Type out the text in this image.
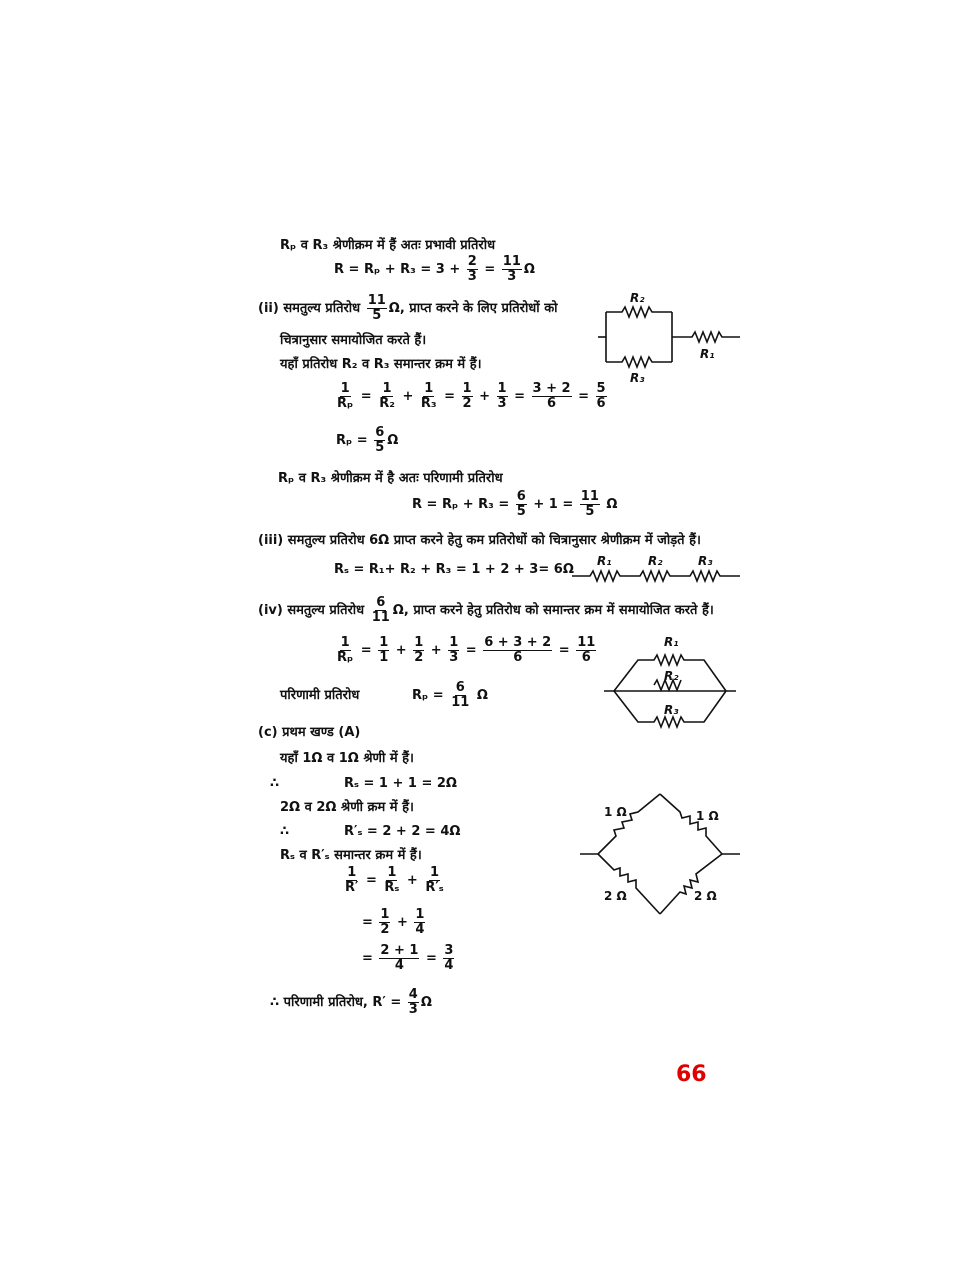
Rₚ व R₃ श्रेणीक्रम में हैं अतः प्रभावी प्रतिरोध
$R = R_p + R_3 = 3 + \frac{2}{3} = \frac{11}{3}$ Ω
(ii) समतुल्य प्रतिरोध $\frac{11}{5} \Omega$, प्राप्त करने के लिए प्रतिरोधों को
चित्रानुसार समायोजित करते हैं।
यहाँ प्रतिरोध R₂ व R₃ समान्तर क्रम में हैं।
$\frac{1}{\text{Rₚ}} = \frac{1}{\text{R₂}} + \frac{1}{\text{R₃}} = \frac{1}{2} + \frac{1}{3} = \frac{3 + 2}{6} = \frac{5}{6}$
$R_p = \frac{6}{5}$ Ω
Rₚ व R₃ श्रेणीक्रम में है अतः परिणामी प्रतिरोध
$R = R_p + R_3 = \frac{6}{5} + 1 = \frac{11}{5}$ Ω
(iii) समतुल्य प्रतिरोध 6Ω प्राप्त करने हेतु कम प्रतिरोधों को चित्रानुसार श्रेणीक्रम में जोड़ते हैं।
Rₛ = R₁+ R₂ + R₃ = 1 + 2 + 3= 6Ω
(iv) समतुल्य प्रतिरोध $\frac{6}{11} \Omega$, प्राप्त करने हेतु प्रतिरोध को समान्तर क्रम में समायोजित करते हैं।
$\frac{1}{\text{Rₚ}} = \frac{1}{1} + \frac{1}{2} + \frac{1}{3} = \frac{6 + 3 + 2}{6} = \frac{11}{6}$
परिणामी प्रतिरोध	$R_p = \frac{6}{11}$ Ω
(c) प्रथम खण्ड (A)
यहाँ 1Ω व 1Ω श्रेणी में हैं।
∴	Rₛ = 1 + 1 = 2Ω
2Ω व 2Ω श्रेणी क्रम में हैं।
∴	R′ₛ = 2 + 2 = 4Ω
Rₛ व R′ₛ समान्तर क्रम में हैं।
$\frac{1}{R'} = \frac{1}{\text{Rₛ}} + \frac{1}{\text{R′ₛ}}$
= $\frac{1}{2} + \frac{1}{4}$
= $\frac{2 + 1}{4} = \frac{3}{4}$
∴ परिणामी प्रतिरोध, $R' = \frac{4}{3}$ Ω
R₂
R₃
R₁
R₁	R₂	R₃
R₁
R₂
R₃
1 Ω	1 Ω
2 Ω	2 Ω
66
